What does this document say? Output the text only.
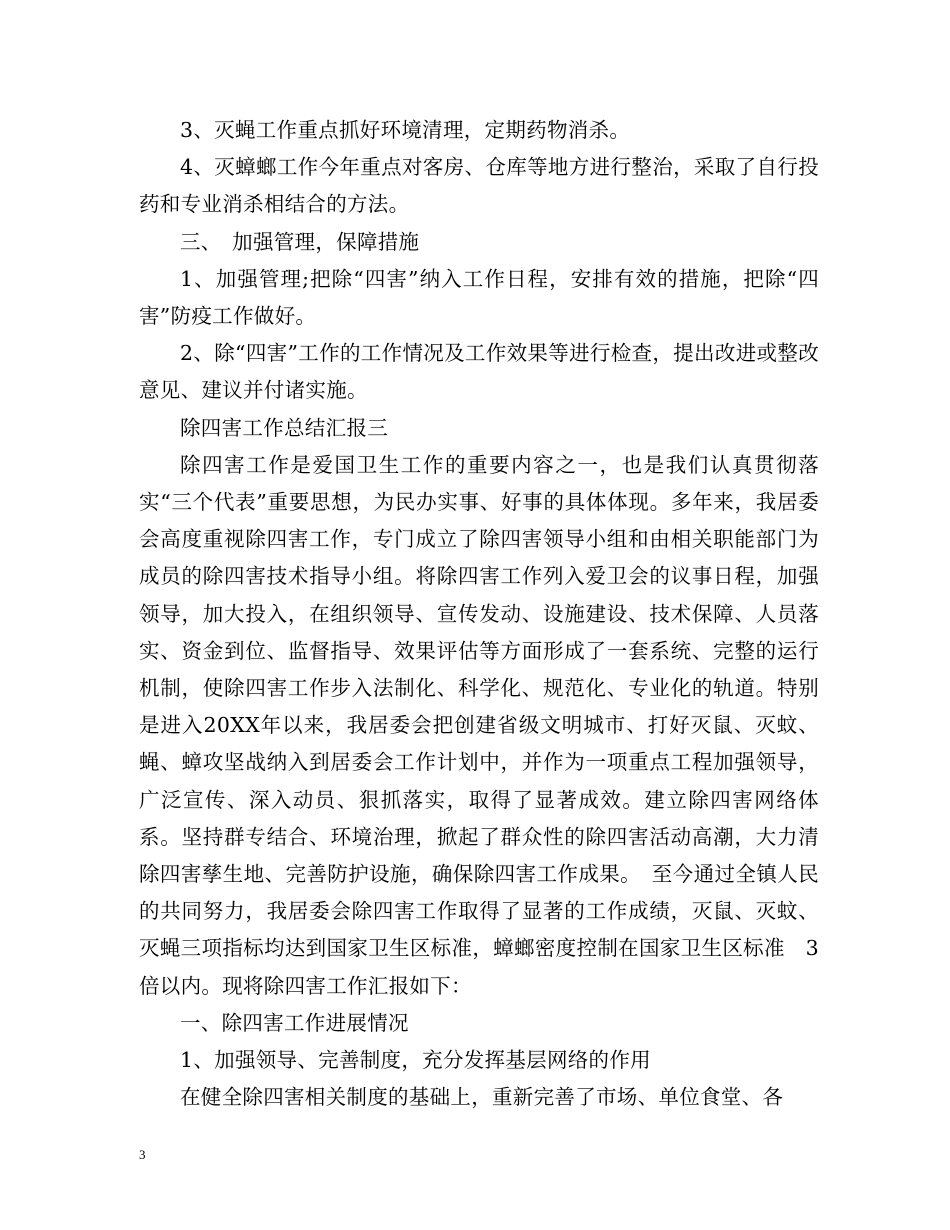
3、灭蝇工作重点抓好环境清理，定期药物消杀。

4、灭蟑螂工作今年重点对客房、仓库等地方进行整治，采取了自行投药和专业消杀相结合的方法。

三、　加强管理，保障措施

1、加强管理;把除“四害”纳入工作日程，安排有效的措施，把除“四害”防疫工作做好。

2、除“四害”工作的工作情况及工作效果等进行检查，提出改进或整改意见、建议并付诸实施。

除四害工作总结汇报三

除四害工作是爱国卫生工作的重要内容之一，也是我们认真贯彻落实“三个代表”重要思想，为民办实事、好事的具体体现。多年来，我居委会高度重视除四害工作，专门成立了除四害领导小组和由相关职能部门为成员的除四害技术指导小组。将除四害工作列入爱卫会的议事日程，加强领导，加大投入，在组织领导、宣传发动、设施建设、技术保障、人员落实、资金到位、监督指导、效果评估等方面形成了一套系统、完整的运行机制，使除四害工作步入法制化、科学化、规范化、专业化的轨道。特别是进入20XX年以来，我居委会把创建省级文明城市、打好灭鼠、灭蚊、蝇、蟑攻坚战纳入到居委会工作计划中，并作为一项重点工程加强领导，广泛宣传、深入动员、狠抓落实，取得了显著成效。建立除四害网络体系。坚持群专结合、环境治理，掀起了群众性的除四害活动高潮，大力清除四害孳生地、完善防护设施，确保除四害工作成果。　至今通过全镇人民的共同努力，我居委会除四害工作取得了显著的工作成绩，灭鼠、灭蚊、灭蝇三项指标均达到国家卫生区标准，蟑螂密度控制在国家卫生区标准　3倍以内。现将除四害工作汇报如下：

一、除四害工作进展情况

1、加强领导、完善制度，充分发挥基层网络的作用

在健全除四害相关制度的基础上，重新完善了市场、单位食堂、各

3
